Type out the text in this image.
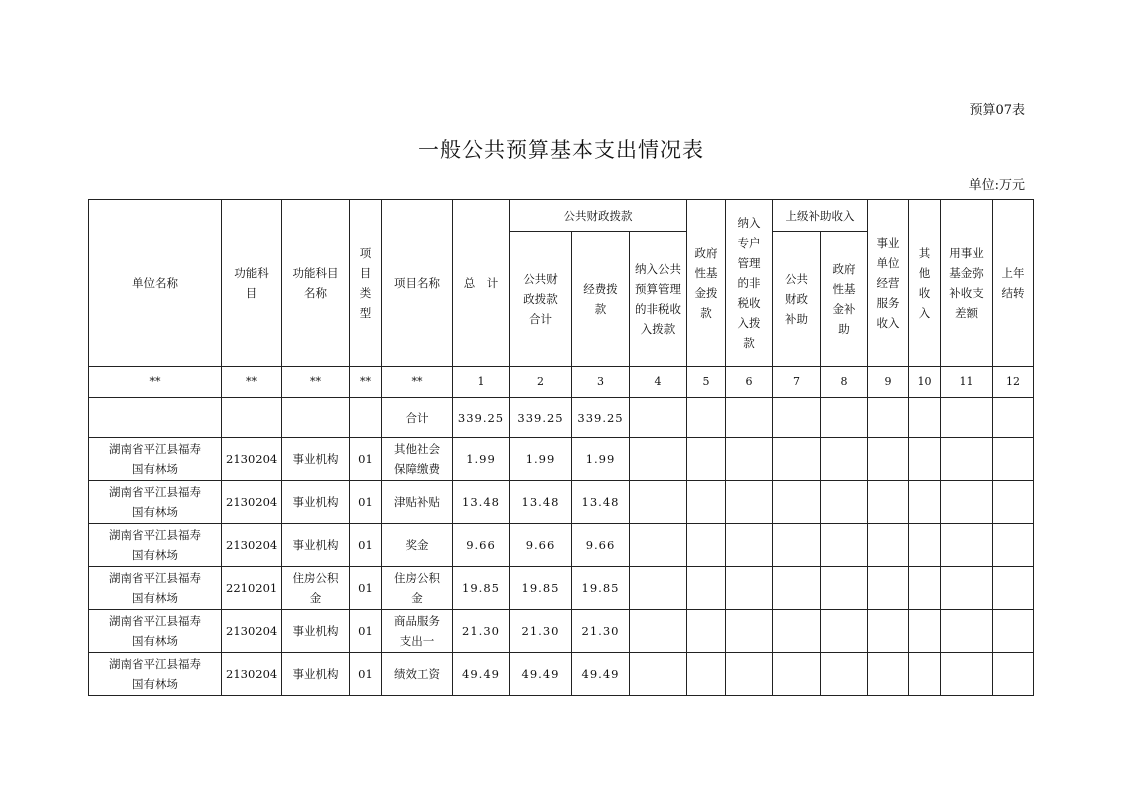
预算07表
一般公共预算基本支出情况表
单位:万元
单位名称	功能科目	功能科目名称	项目类型	项目名称	总　计	公共财政拨款			政府性基金拨款	纳入专户管理的非税收入拨款	上级补助收入		事业单位经营服务收入	其他收入	用事业基金弥补收支差额	上年结转
						公共财政拨款合计	经费拨款	纳入公共预算管理的非税收入拨款			公共财政补助	政府性基金补助				
**	**	**	**	**	1	2	3	4	5	6	7	8	9	10	11	12
				合计	339.25	339.25	339.25									
湖南省平江县福寿国有林场	2130204	事业机构	01	其他社会保障缴费	1.99	1.99	1.99									
湖南省平江县福寿国有林场	2130204	事业机构	01	津贴补贴	13.48	13.48	13.48									
湖南省平江县福寿国有林场	2130204	事业机构	01	奖金	9.66	9.66	9.66									
湖南省平江县福寿国有林场	2210201	住房公积金	01	住房公积金	19.85	19.85	19.85									
湖南省平江县福寿国有林场	2130204	事业机构	01	商品服务支出一	21.30	21.30	21.30									
湖南省平江县福寿国有林场	2130204	事业机构	01	绩效工资	49.49	49.49	49.49									
